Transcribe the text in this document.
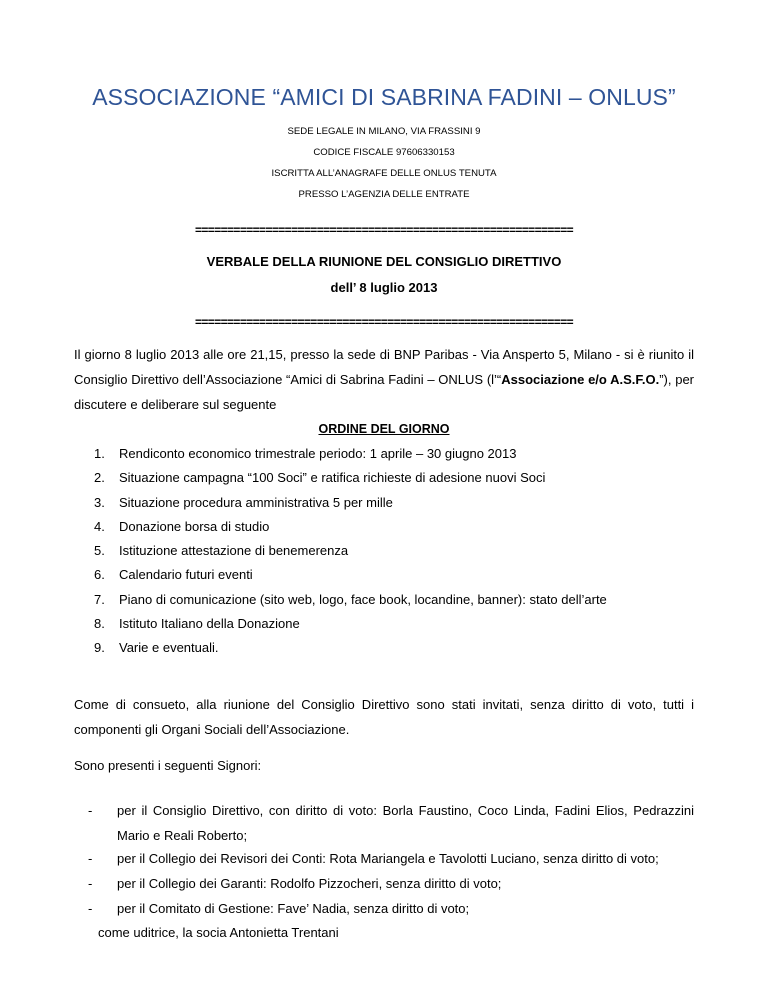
ASSOCIAZIONE “AMICI DI SABRINA FADINI – ONLUS”
SEDE LEGALE IN MILANO, VIA FRASSINI 9
CODICE FISCALE 97606330153
ISCRITTA ALL’ANAGRAFE DELLE ONLUS TENUTA
PRESSO L’AGENZIA DELLE ENTRATE
===========================================================
VERBALE DELLA RIUNIONE DEL CONSIGLIO DIRETTIVO
dell’ 8 luglio 2013
===========================================================
Il giorno 8 luglio 2013 alle ore 21,15, presso la sede di BNP Paribas - Via Ansperto 5, Milano - si è riunito il Consiglio Direttivo dell’Associazione “Amici di Sabrina Fadini – ONLUS (l’“Associazione e/o A.S.F.O.”), per discutere e deliberare sul seguente
ORDINE DEL GIORNO
1. Rendiconto economico trimestrale periodo: 1 aprile – 30 giugno 2013
2. Situazione campagna “100 Soci” e ratifica richieste di adesione nuovi Soci
3. Situazione procedura amministrativa 5 per mille
4. Donazione borsa di studio
5. Istituzione attestazione di benemerenza
6. Calendario futuri eventi
7. Piano di comunicazione (sito web, logo, face book, locandine, banner): stato dell’arte
8. Istituto Italiano della Donazione
9. Varie e eventuali.
Come di consueto, alla riunione del Consiglio Direttivo sono stati invitati, senza diritto di voto, tutti i componenti gli Organi Sociali dell’Associazione.
Sono presenti i seguenti Signori:
- per il Consiglio Direttivo, con diritto di voto: Borla Faustino, Coco Linda, Fadini Elios, Pedrazzini Mario e Reali Roberto;
- per il Collegio dei Revisori dei Conti: Rota Mariangela e Tavolotti Luciano, senza diritto di voto;
- per il Collegio dei Garanti: Rodolfo Pizzocheri, senza diritto di voto;
- per il Comitato di Gestione: Fave’ Nadia, senza diritto di voto;
come uditrice, la socia Antonietta Trentani
